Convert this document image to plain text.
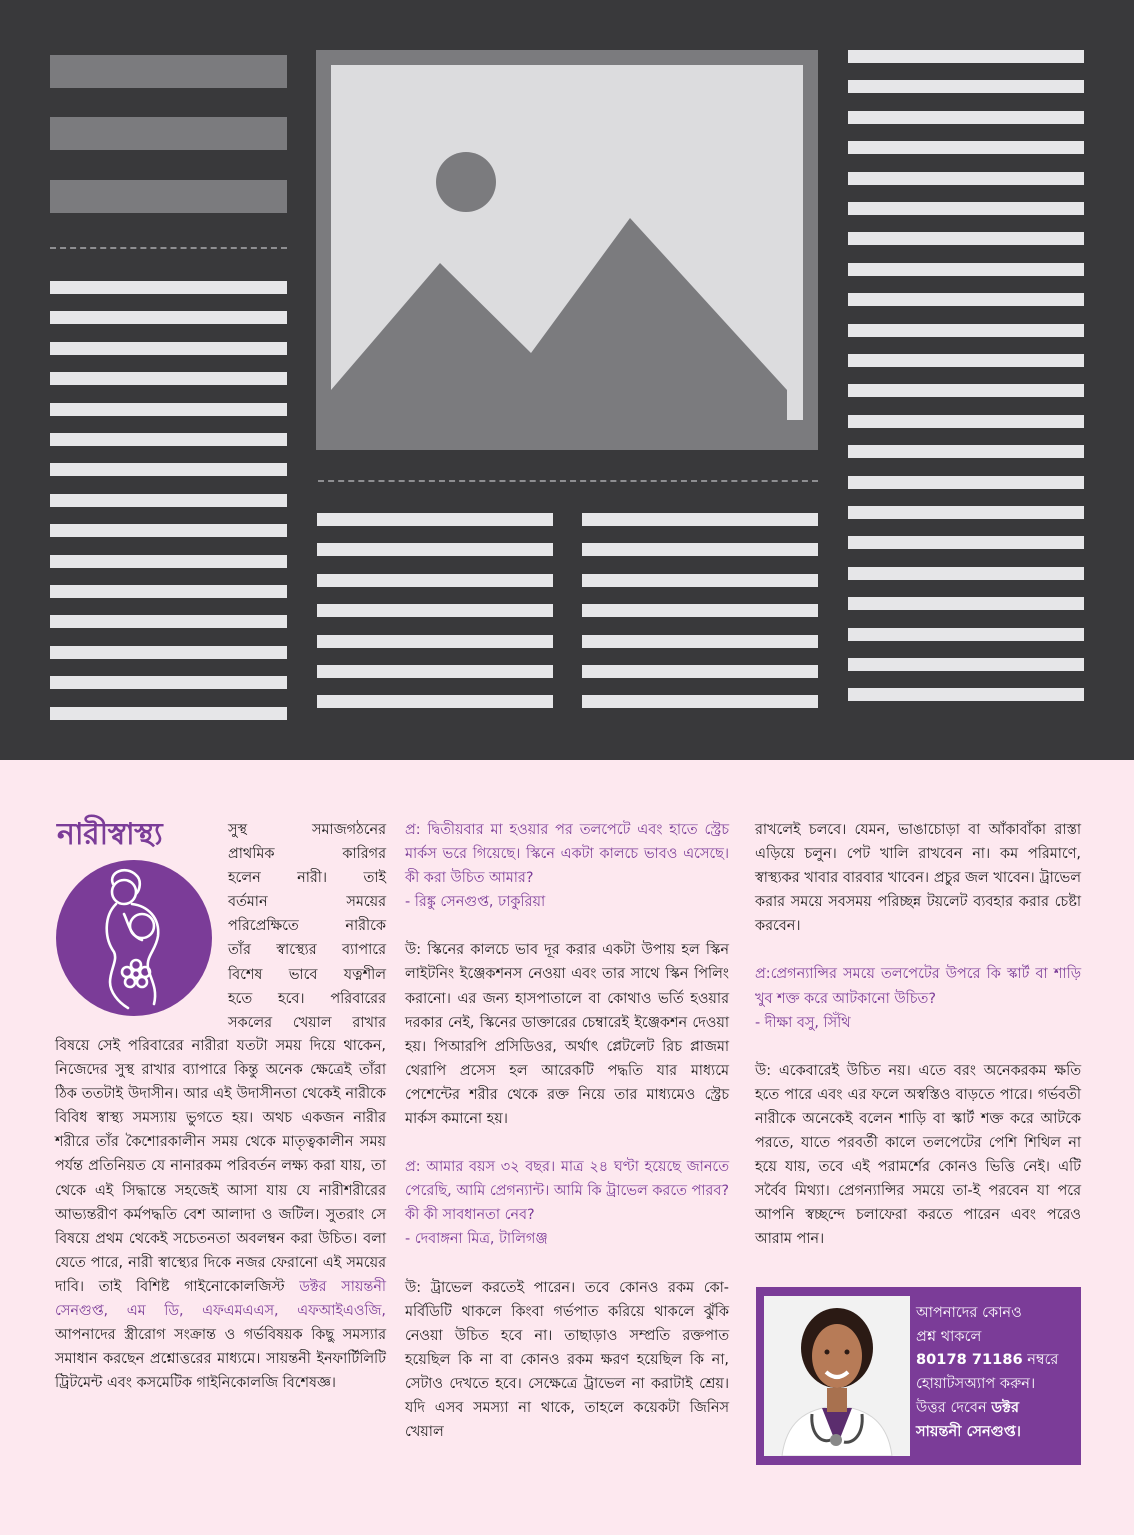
নারীস্বাস্থ্য	সুস্থ সমাজগঠনের

প্রাথমিক কারিগর

হলেন নারী। তাই

বর্তমান সময়ের

পরিপ্রেক্ষিতে নারীকে

তাঁর স্বাস্থ্যের ব্যাপারে

বিশেষ ভাবে যত্নশীল

হতে হবে। পরিবারের

সকলের খেয়াল রাখার

বিষয়ে সেই পরিবারের নারীরা যতটা সময় দিয়ে থাকেন, নিজেদের সুস্থ রাখার ব্যাপারে কিন্তু অনেক ক্ষেত্রেই তাঁরা ঠিক ততটাই উদাসীন। আর এই উদাসীনতা থেকেই নারীকে বিবিধ স্বাস্থ্য সমস্যায় ভুগতে হয়। অথচ একজন নারীর শরীরে তাঁর কৈশোরকালীন সময় থেকে মাতৃত্বকালীন সময় পর্যন্ত প্রতিনিয়ত যে নানারকম পরিবর্তন লক্ষ্য করা যায়, তা থেকে এই সিদ্ধান্তে সহজেই আসা যায় যে নারীশরীরের আভ্যন্তরীণ কর্মপদ্ধতি বেশ আলাদা ও জটিল। সুতরাং সে বিষয়ে প্রথম থেকেই সচেতনতা অবলম্বন করা উচিত। বলা যেতে পারে, নারী স্বাস্থ্যের দিকে নজর ফেরানো এই সময়ের দাবি। তাই বিশিষ্ট গাইনোকোলজিস্ট ডক্টর সায়ন্তনী সেনগুপ্ত, এম ডি, এফএমএএস, এফআইএওজি, আপনাদের স্ত্রীরোগ সংক্রান্ত ও গর্ভবিষয়ক কিছু সমস্যার সমাধান করছেন প্রশ্নোত্তরের মাধ্যমে। সায়ন্তনী ইনফার্টিলিটি ট্রিটমেন্ট এবং কসমেটিক গাইনিকোলজি বিশেষজ্ঞ।

প্র: দ্বিতীয়বার মা হওয়ার পর তলপেটে এবং হাতে স্ট্রেচ মার্কস ভরে গিয়েছে। স্কিনে একটা কালচে ভাবও এসেছে। কী করা উচিত আমার?

- রিঙ্কু সেনগুপ্ত, ঢাকুরিয়া

উ: স্কিনের কালচে ভাব দূর করার একটা উপায় হল স্কিন লাইটনিং ইঞ্জেকশনস নেওয়া এবং তার সাথে স্কিন পিলিং করানো। এর জন্য হাসপাতালে বা কোথাও ভর্তি হওয়ার দরকার নেই, স্কিনের ডাক্তারের চেম্বারেই ইঞ্জেকশন দেওয়া হয়। পিআরপি প্রসিডিওর, অর্থাৎ প্লেটলেট রিচ প্লাজমা থেরাপি প্রসেস হল আরেকটি পদ্ধতি যার মাধ্যমে পেশেন্টের শরীর থেকে রক্ত নিয়ে তার মাধ্যমেও স্ট্রেচ মার্কস কমানো হয়।

প্র: আমার বয়স ৩২ বছর। মাত্র ২৪ ঘণ্টা হয়েছে জানতে পেরেছি, আমি প্রেগন্যান্ট। আমি কি ট্রাভেল করতে পারব? কী কী সাবধানতা নেব?

- দেবাঙ্গনা মিত্র, টালিগঞ্জ

উ: ট্রাভেল করতেই পারেন। তবে কোনও রকম কো-মর্বিডিটি থাকলে কিংবা গর্ভপাত করিয়ে থাকলে ঝুঁকি নেওয়া উচিত হবে না। তাছাড়াও সম্প্রতি রক্তপাত হয়েছিল কি না বা কোনও রকম ক্ষরণ হয়েছিল কি না, সেটাও দেখতে হবে। সেক্ষেত্রে ট্রাভেল না করাটাই শ্রেয়। যদি এসব সমস্যা না থাকে, তাহলে কয়েকটা জিনিস খেয়াল

রাখলেই চলবে। যেমন, ভাঙাচোড়া বা আঁকাবাঁকা রাস্তা এড়িয়ে চলুন। পেট খালি রাখবেন না। কম পরিমাণে, স্বাস্থ্যকর খাবার বারবার খাবেন। প্রচুর জল খাবেন। ট্রাভেল করার সময়ে সবসময় পরিচ্ছন্ন টয়লেট ব্যবহার করার চেষ্টা করবেন।

প্র:প্রেগন্যান্সির সময়ে তলপেটের উপরে কি স্কার্ট বা শাড়ি খুব শক্ত করে আটকানো উচিত?

- দীক্ষা বসু, সিঁথি

উ: একেবারেই উচিত নয়। এতে বরং অনেকরকম ক্ষতি হতে পারে এবং এর ফলে অস্বস্তিও বাড়তে পারে। গর্ভবতী নারীকে অনেকেই বলেন শাড়ি বা স্কার্ট শক্ত করে আটকে পরতে, যাতে পরবর্তী কালে তলপেটের পেশি শিথিল না হয়ে যায়, তবে এই পরামর্শের কোনও ভিত্তি নেই। এটি সর্বৈব মিথ্যা। প্রেগন্যান্সির সময়ে তা-ই পরবেন যা পরে আপনি স্বচ্ছন্দে চলাফেরা করতে পারেন এবং পরেও আরাম পান।

আপনাদের কোনও
প্রশ্ন থাকলে
80178 71186 নম্বরে
হোয়াটসঅ্যাপ করুন।
উত্তর দেবেন ডক্টর
সায়ন্তনী সেনগুপ্ত।
